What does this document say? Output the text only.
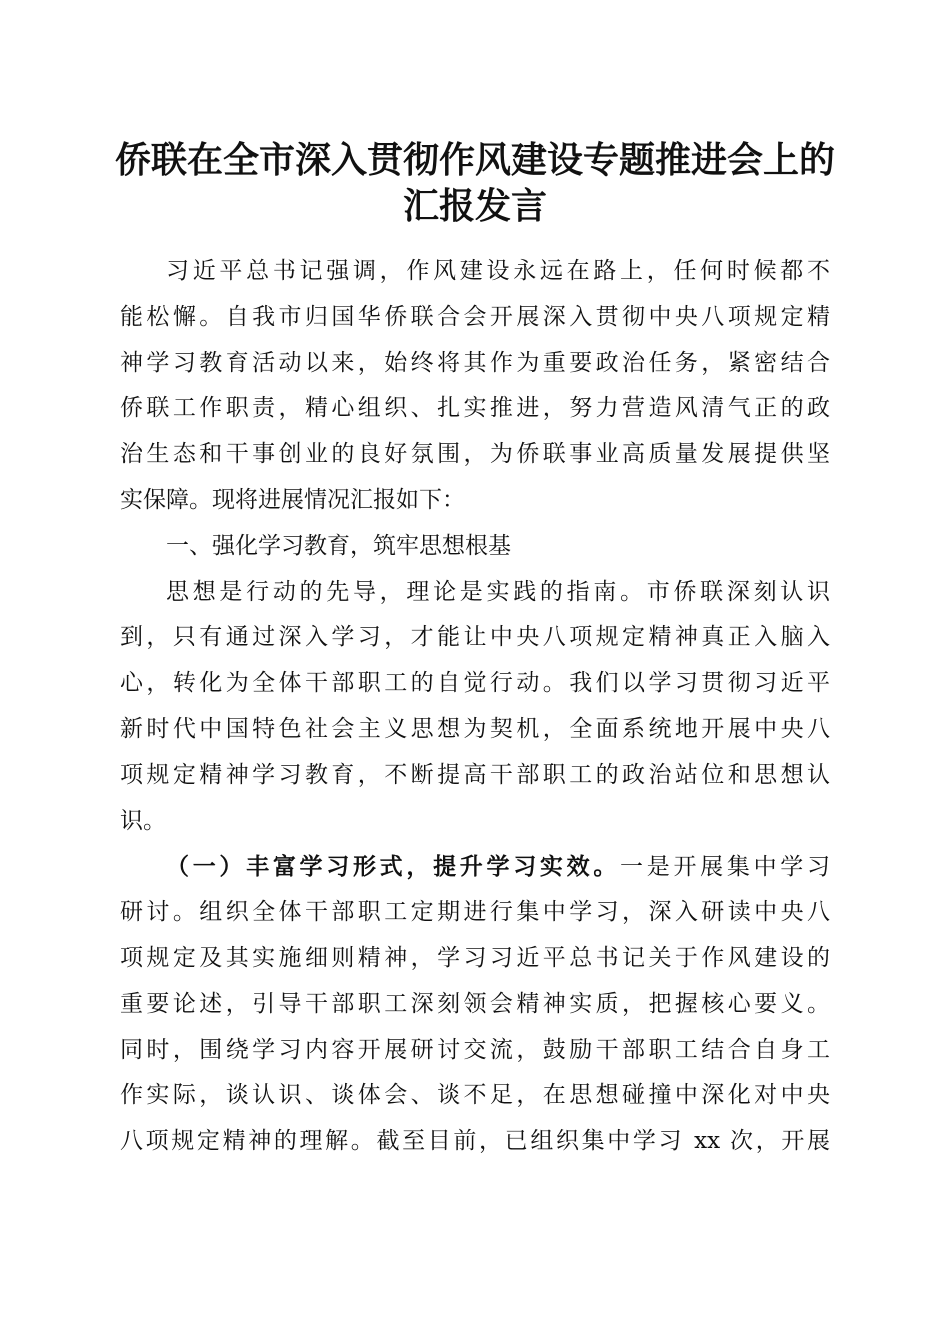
侨联在全市深入贯彻作风建设专题推进会上的
汇报发言
习近平总书记强调，作风建设永远在路上，任何时候都不
能松懈。自我市归国华侨联合会开展深入贯彻中央八项规定精
神学习教育活动以来，始终将其作为重要政治任务，紧密结合
侨联工作职责，精心组织、扎实推进，努力营造风清气正的政
治生态和干事创业的良好氛围，为侨联事业高质量发展提供坚
实保障。现将进展情况汇报如下：
一、强化学习教育，筑牢思想根基
思想是行动的先导，理论是实践的指南。市侨联深刻认识
到，只有通过深入学习，才能让中央八项规定精神真正入脑入
心，转化为全体干部职工的自觉行动。我们以学习贯彻习近平
新时代中国特色社会主义思想为契机，全面系统地开展中央八
项规定精神学习教育，不断提高干部职工的政治站位和思想认
识。
（一）丰富学习形式，提升学习实效。一是开展集中学习
研讨。组织全体干部职工定期进行集中学习，深入研读中央八
项规定及其实施细则精神，学习习近平总书记关于作风建设的
重要论述，引导干部职工深刻领会精神实质，把握核心要义。
同时，围绕学习内容开展研讨交流，鼓励干部职工结合自身工
作实际，谈认识、谈体会、谈不足，在思想碰撞中深化对中央
八项规定精神的理解。截至目前，已组织集中学习 xx 次，开展
